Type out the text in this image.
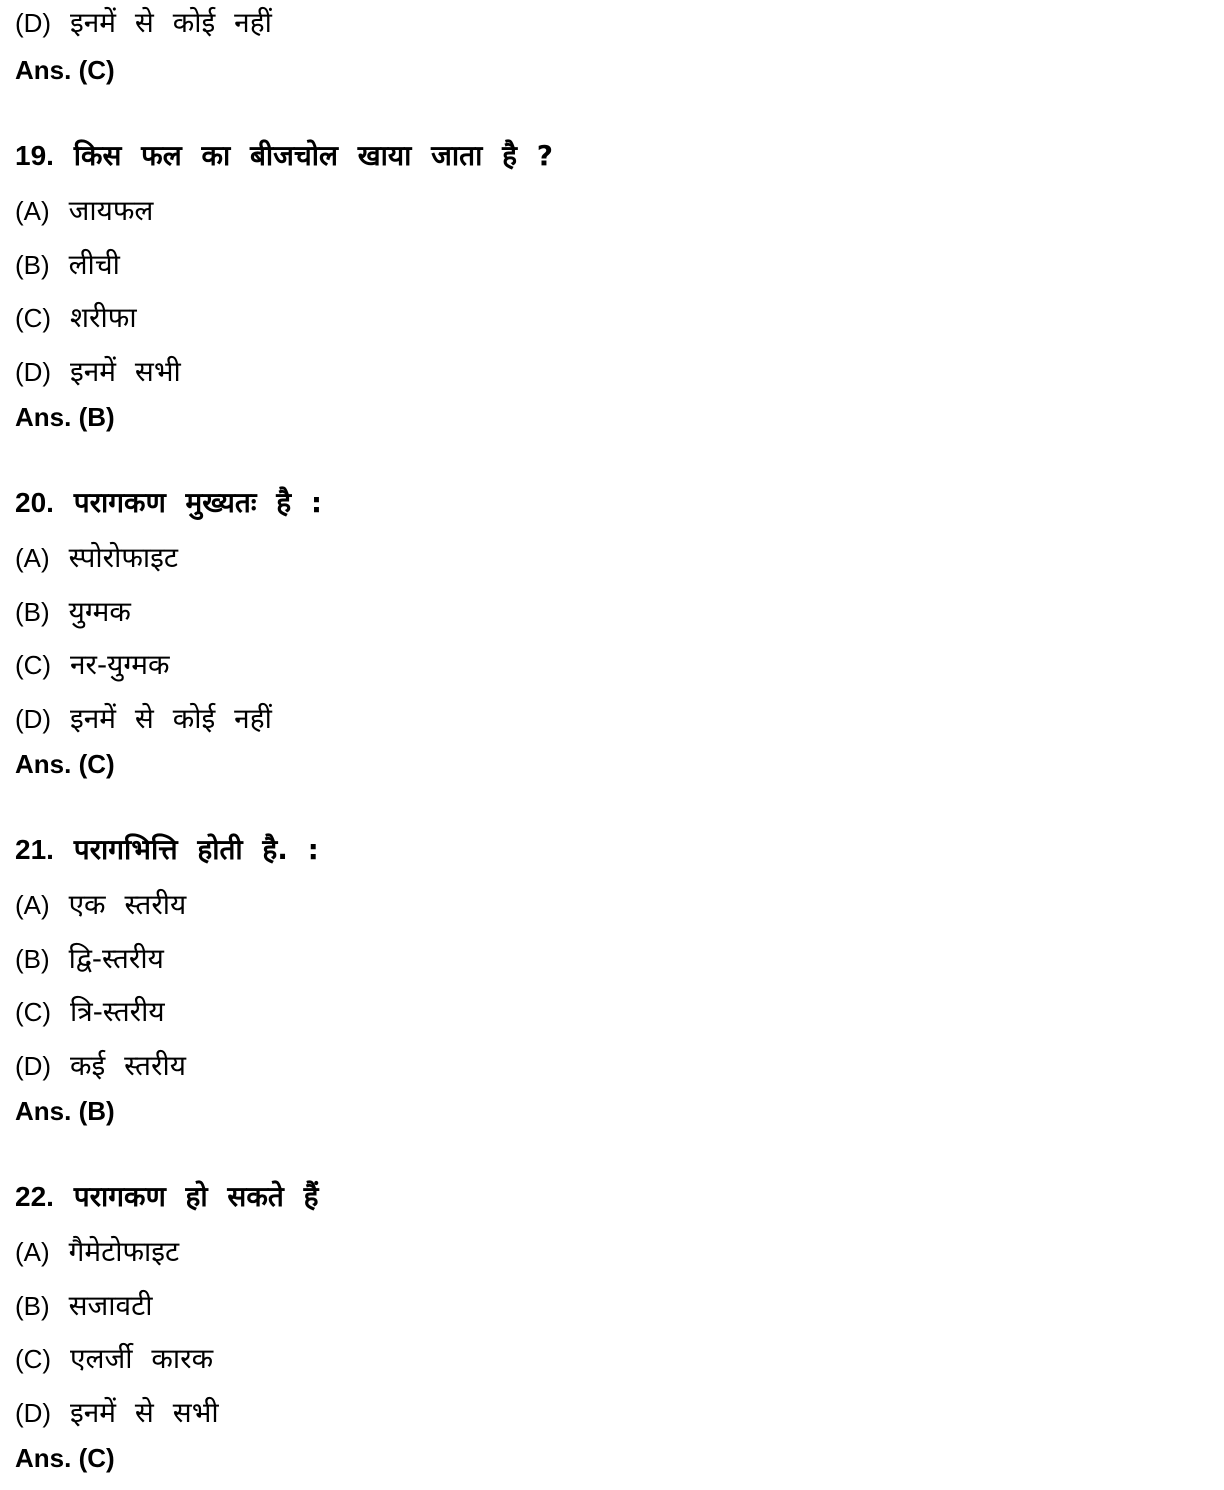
(D) इनमें से कोई नहीं
Ans. (C)
19. किस फल का बीजचोल खाया जाता है ?
(A) जायफल
(B) लीची
(C) शरीफा
(D) इनमें सभी
Ans. (B)
20. परागकण मुख्यतः है :
(A) स्पोरोफाइट
(B) युग्मक
(C) नर-युग्मक
(D) इनमें से कोई नहीं
Ans. (C)
21. परागभित्ति होती है. :
(A) एक स्तरीय
(B) द्वि-स्तरीय
(C) त्रि-स्तरीय
(D) कई स्तरीय
Ans. (B)
22. परागकण हो सकते हैं
(A) गैमेटोफाइट
(B) सजावटी
(C) एलर्जी कारक
(D) इनमें से सभी
Ans. (C)
